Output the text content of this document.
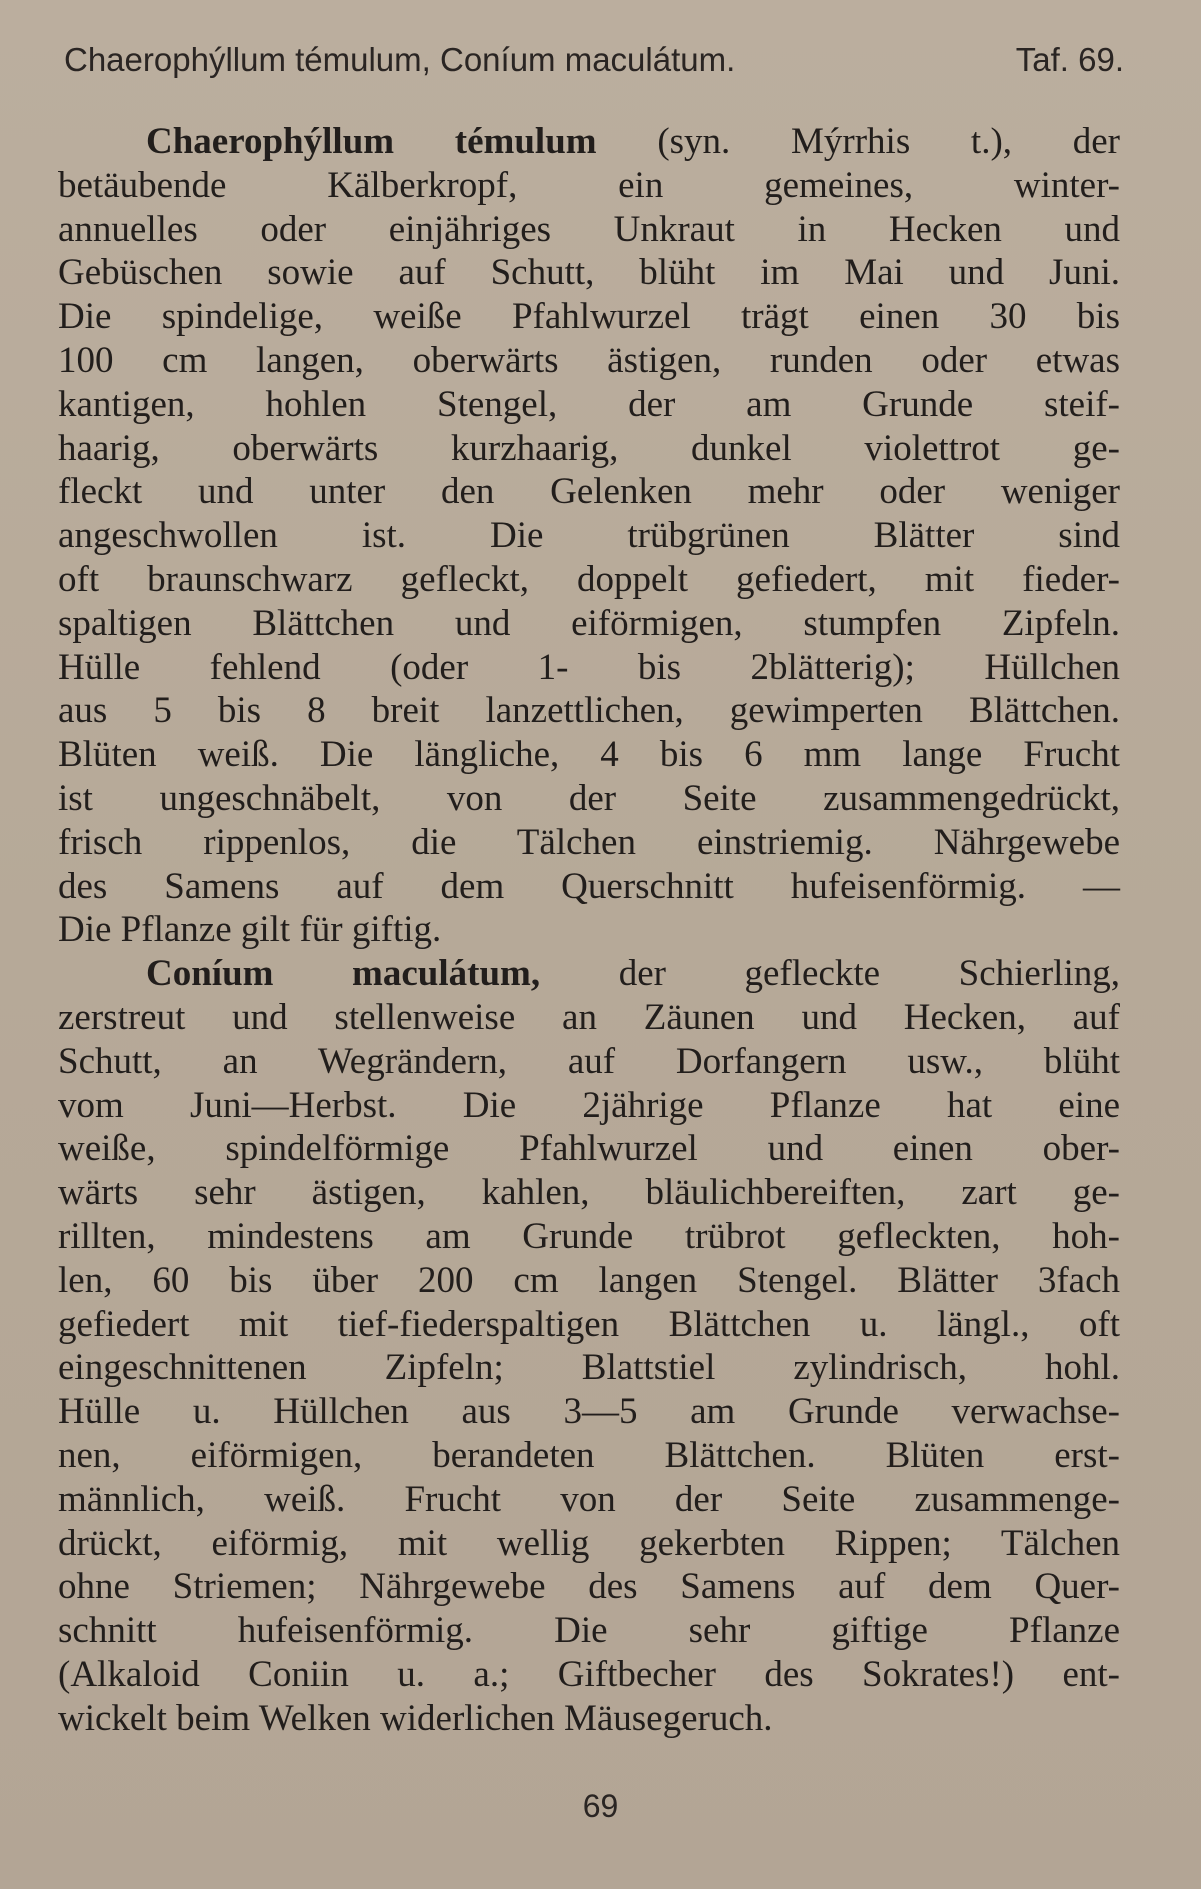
Chaerophýllum témulum, Coníum maculátum.	Taf. 69.
Chaerophýllum témulum (syn. Mýrrhis t.), der
betäubende Kälberkropf, ein gemeines, winter-
annuelles oder einjähriges Unkraut in Hecken und
Gebüschen sowie auf Schutt, blüht im Mai und Juni.
Die spindelige, weiße Pfahlwurzel trägt einen 30 bis
100 cm langen, oberwärts ästigen, runden oder etwas
kantigen, hohlen Stengel, der am Grunde steif-
haarig, oberwärts kurzhaarig, dunkel violettrot ge-
fleckt und unter den Gelenken mehr oder weniger
angeschwollen ist. Die trübgrünen Blätter sind
oft braunschwarz gefleckt, doppelt gefiedert, mit fieder-
spaltigen Blättchen und eiförmigen, stumpfen Zipfeln.
Hülle fehlend (oder 1- bis 2blätterig); Hüllchen
aus 5 bis 8 breit lanzettlichen, gewimperten Blättchen.
Blüten weiß. Die längliche, 4 bis 6 mm lange Frucht
ist ungeschnäbelt, von der Seite zusammengedrückt,
frisch rippenlos, die Tälchen einstriemig. Nährgewebe
des Samens auf dem Querschnitt hufeisenförmig. —
Die Pflanze gilt für giftig.
Coníum maculátum, der gefleckte Schierling,
zerstreut und stellenweise an Zäunen und Hecken, auf
Schutt, an Wegrändern, auf Dorfangern usw., blüht
vom Juni—Herbst. Die 2jährige Pflanze hat eine
weiße, spindelförmige Pfahlwurzel und einen ober-
wärts sehr ästigen, kahlen, bläulichbereiften, zart ge-
rillten, mindestens am Grunde trübrot gefleckten, hoh-
len, 60 bis über 200 cm langen Stengel. Blätter 3fach
gefiedert mit tief-fiederspaltigen Blättchen u. längl., oft
eingeschnittenen Zipfeln; Blattstiel zylindrisch, hohl.
Hülle u. Hüllchen aus 3—5 am Grunde verwachse-
nen, eiförmigen, berandeten Blättchen. Blüten erst-
männlich, weiß. Frucht von der Seite zusammenge-
drückt, eiförmig, mit wellig gekerbten Rippen; Tälchen
ohne Striemen; Nährgewebe des Samens auf dem Quer-
schnitt hufeisenförmig. Die sehr giftige Pflanze
(Alkaloid Coniin u. a.; Giftbecher des Sokrates!) ent-
wickelt beim Welken widerlichen Mäusegeruch.
69
